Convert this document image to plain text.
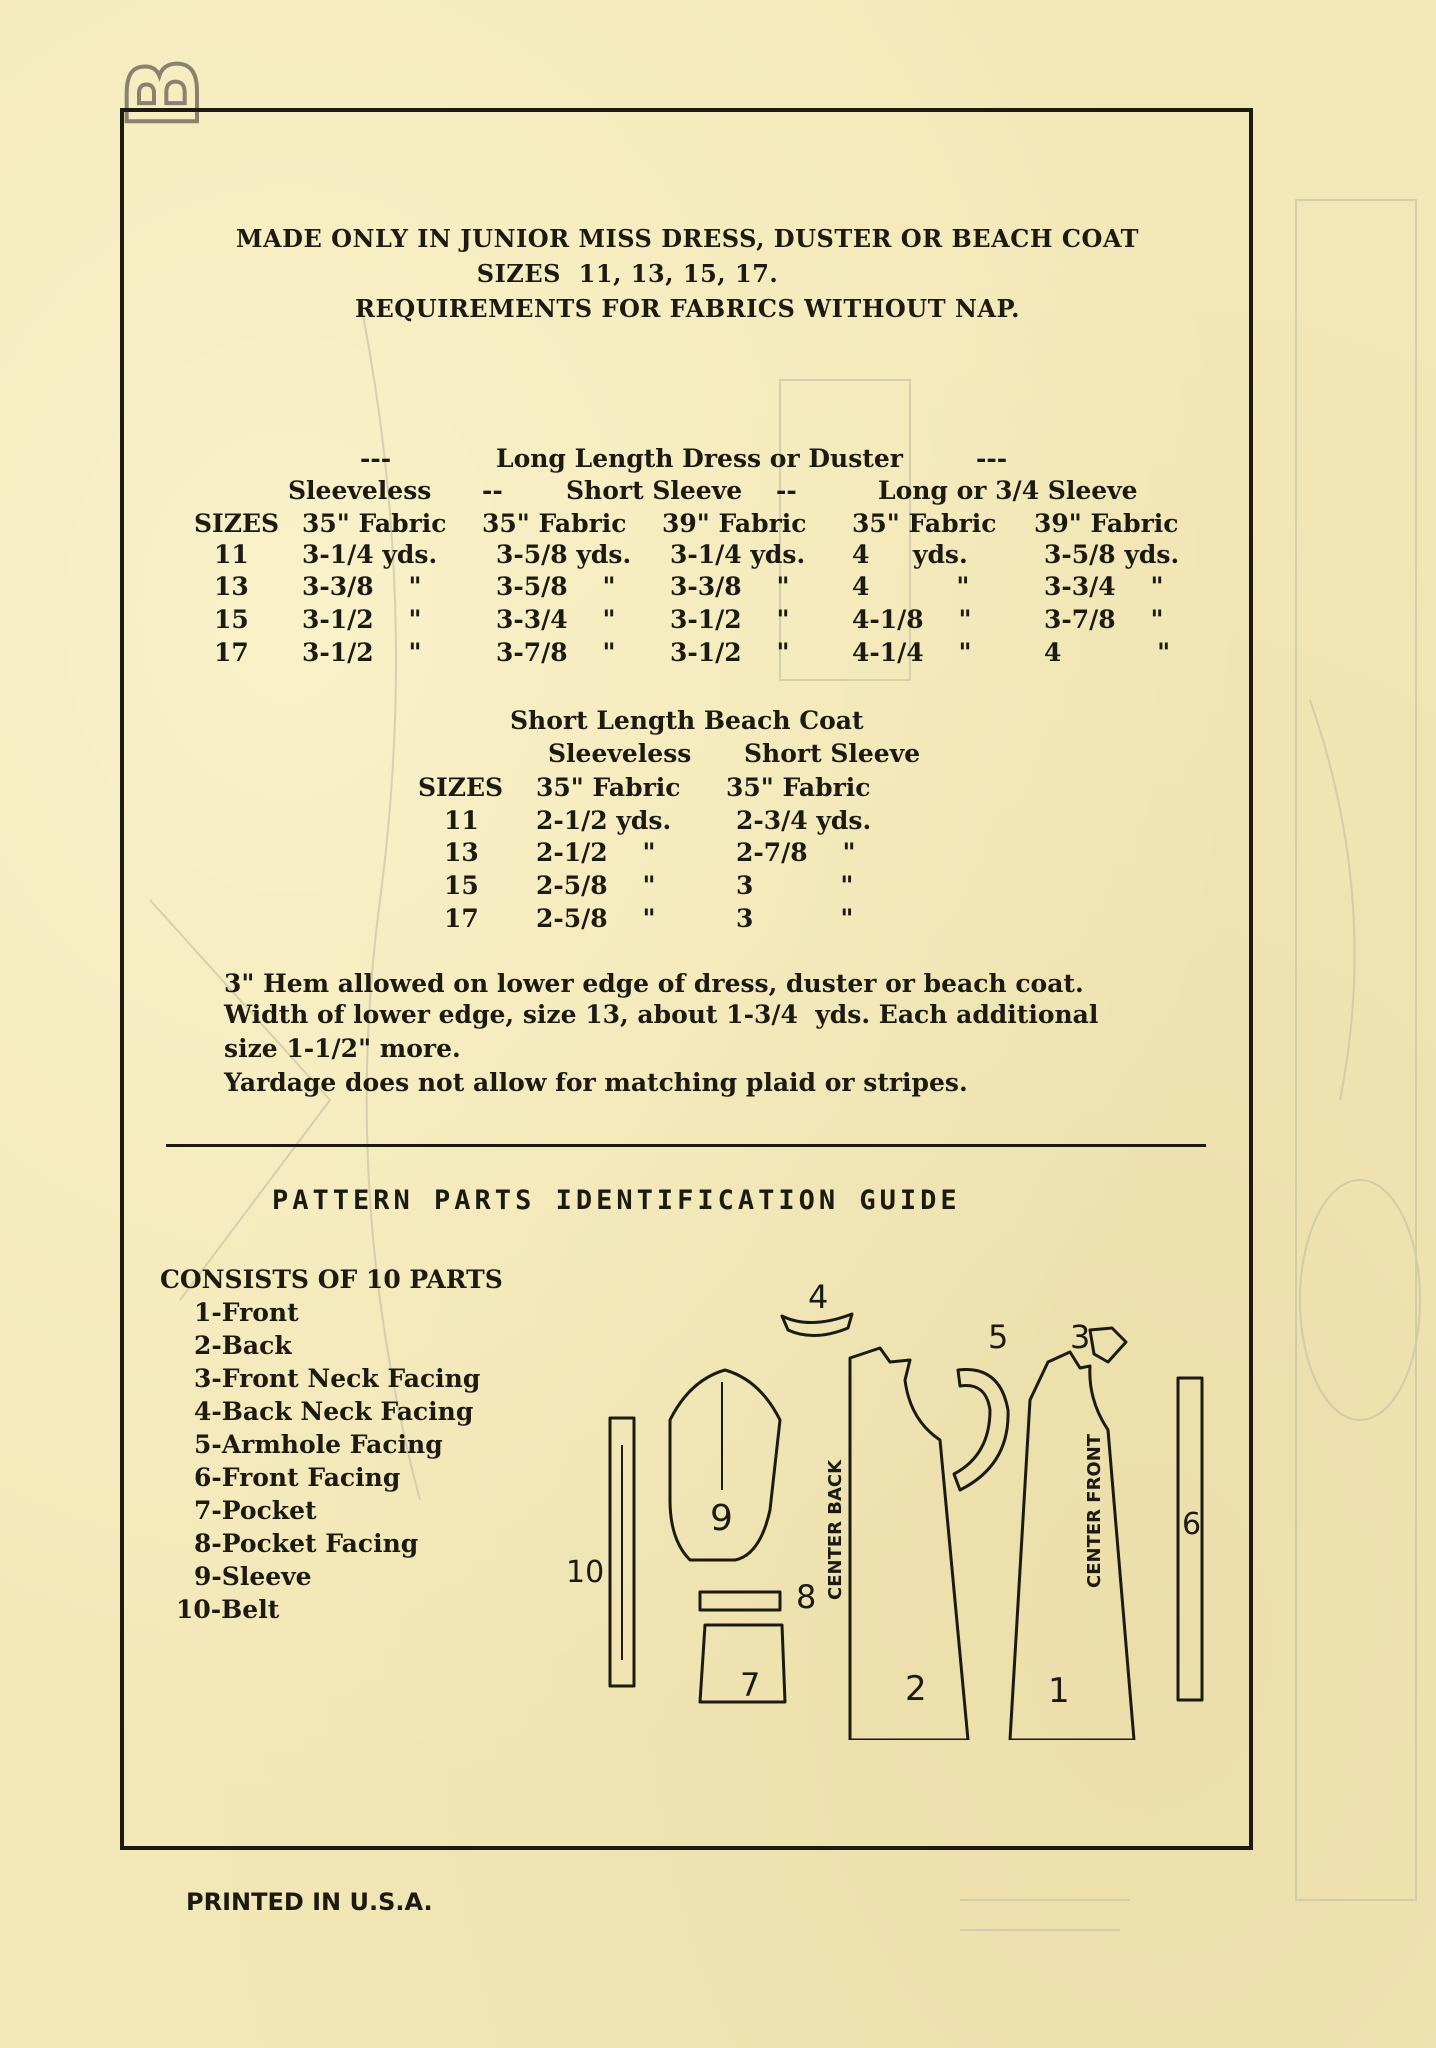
B
MADE ONLY IN JUNIOR MISS DRESS, DUSTER OR BEACH COAT
SIZES  11, 13, 15, 17.
REQUIREMENTS FOR FABRICS WITHOUT NAP.
---	Long Length Dress or Duster	---
Sleeveless --	Short Sleeve --	Long or 3/4 Sleeve
SIZES 35" Fabric 35" Fabric 39" Fabric 35" Fabric 39" Fabric
11 3-1/4 yds. 3-5/8 yds. 3-1/4 yds. 4     yds.	3-5/8 yds.
13 3-3/8    "	3-5/8    " 3-3/8    " 4          "	3-3/4    "
15 3-1/2    "	3-3/4    " 3-1/2    " 4-1/8    "	3-7/8    "
17 3-1/2    "	3-7/8    " 3-1/2    " 4-1/4    "	4           "
Short Length Beach Coat
Sleeveless Short Sleeve
SIZES 35" Fabric 35" Fabric
11 2-1/2 yds.	2-3/4 yds.
13 2-1/2    "	2-7/8    "
15 2-5/8    "	3          "
17 2-5/8    "	3          "
3" Hem allowed on lower edge of dress, duster or beach coat.
Width of lower edge, size 13, about 1-3/4  yds. Each additional
size 1-1/2" more.
Yardage does not allow for matching plaid or stripes.
PATTERN PARTS IDENTIFICATION GUIDE
CONSISTS OF 10 PARTS
1-Front
2-Back
3-Front Neck Facing
4-Back Neck Facing
5-Armhole Facing
6-Front Facing
7-Pocket
8-Pocket Facing
9-Sleeve
10-Belt
10
9
8
7	2
4
5
1
3
6
CENTER BACK	CENTER FRONT
PRINTED IN U.S.A.
